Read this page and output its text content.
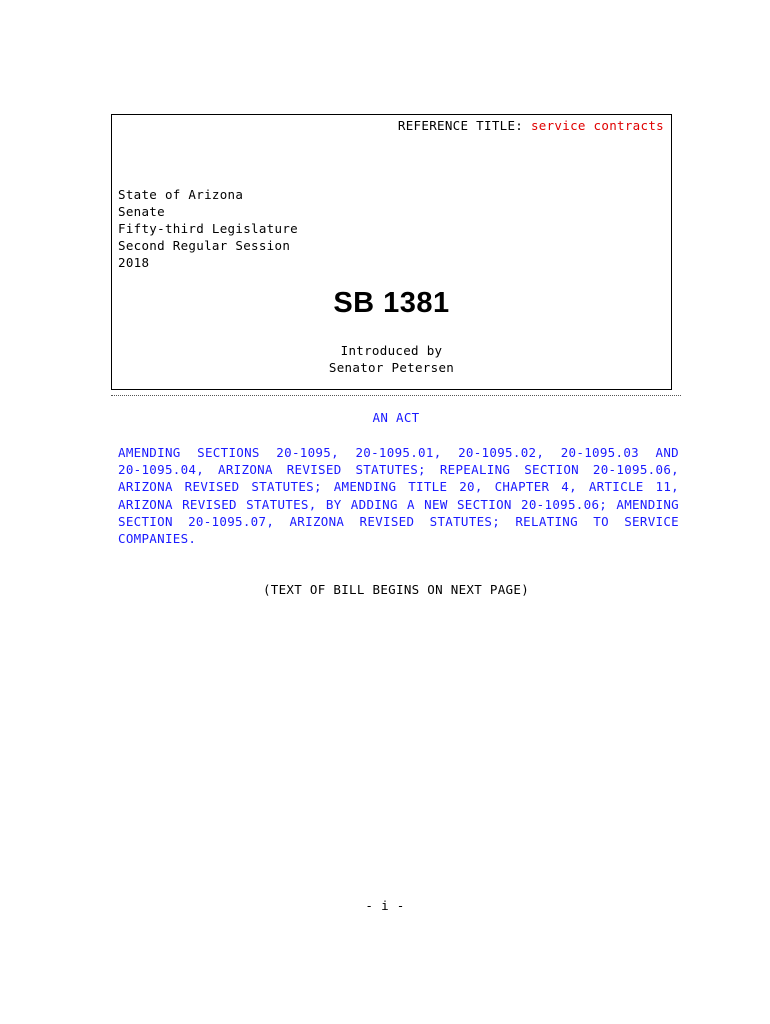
REFERENCE TITLE: service contracts
State of Arizona
Senate
Fifty-third Legislature
Second Regular Session
2018
SB 1381
Introduced by
Senator Petersen
AN ACT
AMENDING SECTIONS 20-1095, 20-1095.01, 20-1095.02, 20-1095.03 AND
20-1095.04, ARIZONA REVISED STATUTES; REPEALING SECTION 20-1095.06,
ARIZONA REVISED STATUTES; AMENDING TITLE 20, CHAPTER 4, ARTICLE 11,
ARIZONA REVISED STATUTES, BY ADDING A NEW SECTION 20-1095.06; AMENDING
SECTION 20-1095.07, ARIZONA REVISED STATUTES; RELATING TO SERVICE
COMPANIES.
(TEXT OF BILL BEGINS ON NEXT PAGE)
- i -
